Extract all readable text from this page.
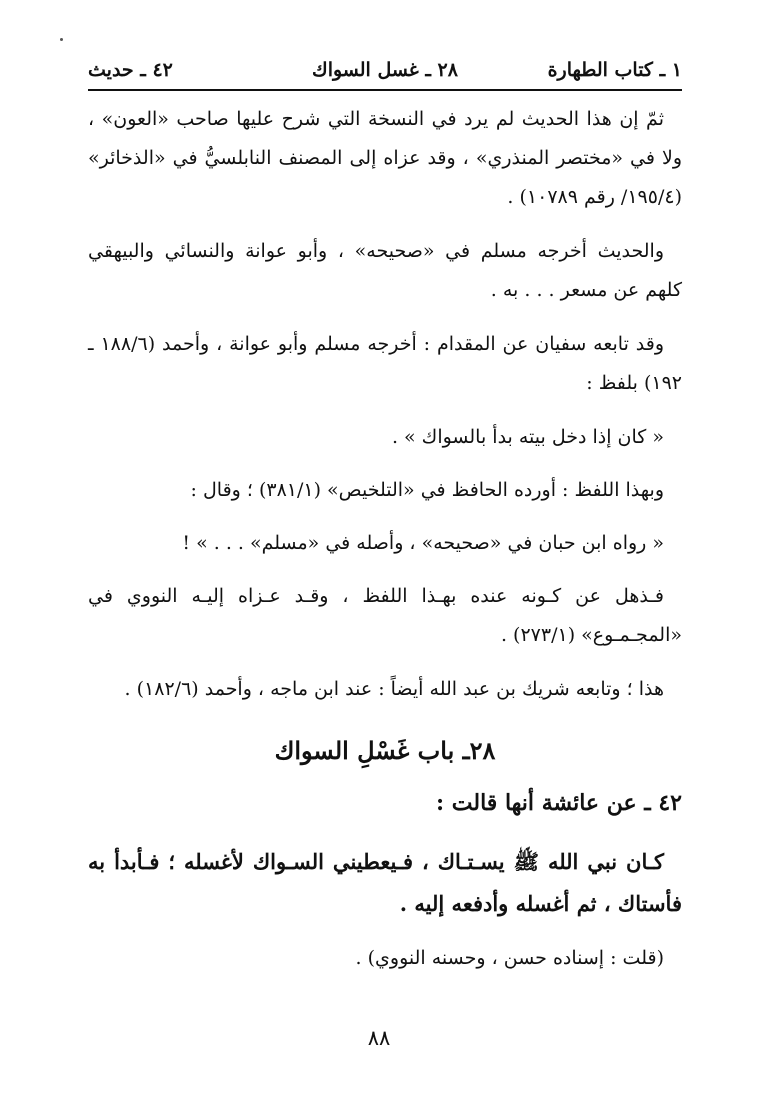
١ ـ كتاب الطهارة
٢٨ ـ غسل السواك
٤٢ ـ حديث

ثمّ إن هذا الحديث لم يرد في النسخة التي شرح عليها صاحب «العون» ، ولا في «مختصر المنذري» ، وقد عزاه إلى المصنف النابلسيُّ في «الذخائر» (١٩٥/٤/ رقم ١٠٧٨٩) .

والحديث أخرجه مسلم في «صحيحه» ، وأبو عوانة والنسائي والبيهقي كلهم عن مسعر . . . به .

وقد تابعه سفيان عن المقدام : أخرجه مسلم وأبو عوانة ، وأحمد (١٨٨/٦ ـ ١٩٢) بلفظ :

« كان إذا دخل بيته بدأ بالسواك » .

وبهذا اللفظ : أورده الحافظ في «التلخيص» (٣٨١/١) ؛ وقال :

« رواه ابن حبان في «صحيحه» ، وأصله في «مسلم» . . . » !

فـذهل عن كـونه عنده بهـذا اللفظ ، وقـد عـزاه إليـه النووي في «المجـمـوع» (٢٧٣/١) .

هذا ؛ وتابعه شريك بن عبد الله أيضاً : عند ابن ماجه ، وأحمد (١٨٢/٦) .

٢٨ـ باب غَسْلِ السواك
٤٢ ـ عن عائشة أنها قالت :

كـان نبي الله ﷺ يسـتـاك ، فـيعطيني السـواك لأغسله ؛ فـأبدأ به فأستاك ، ثم أغسله وأدفعه إليه .

(قلت : إسناده حسن ، وحسنه النووي) .

٨٨
